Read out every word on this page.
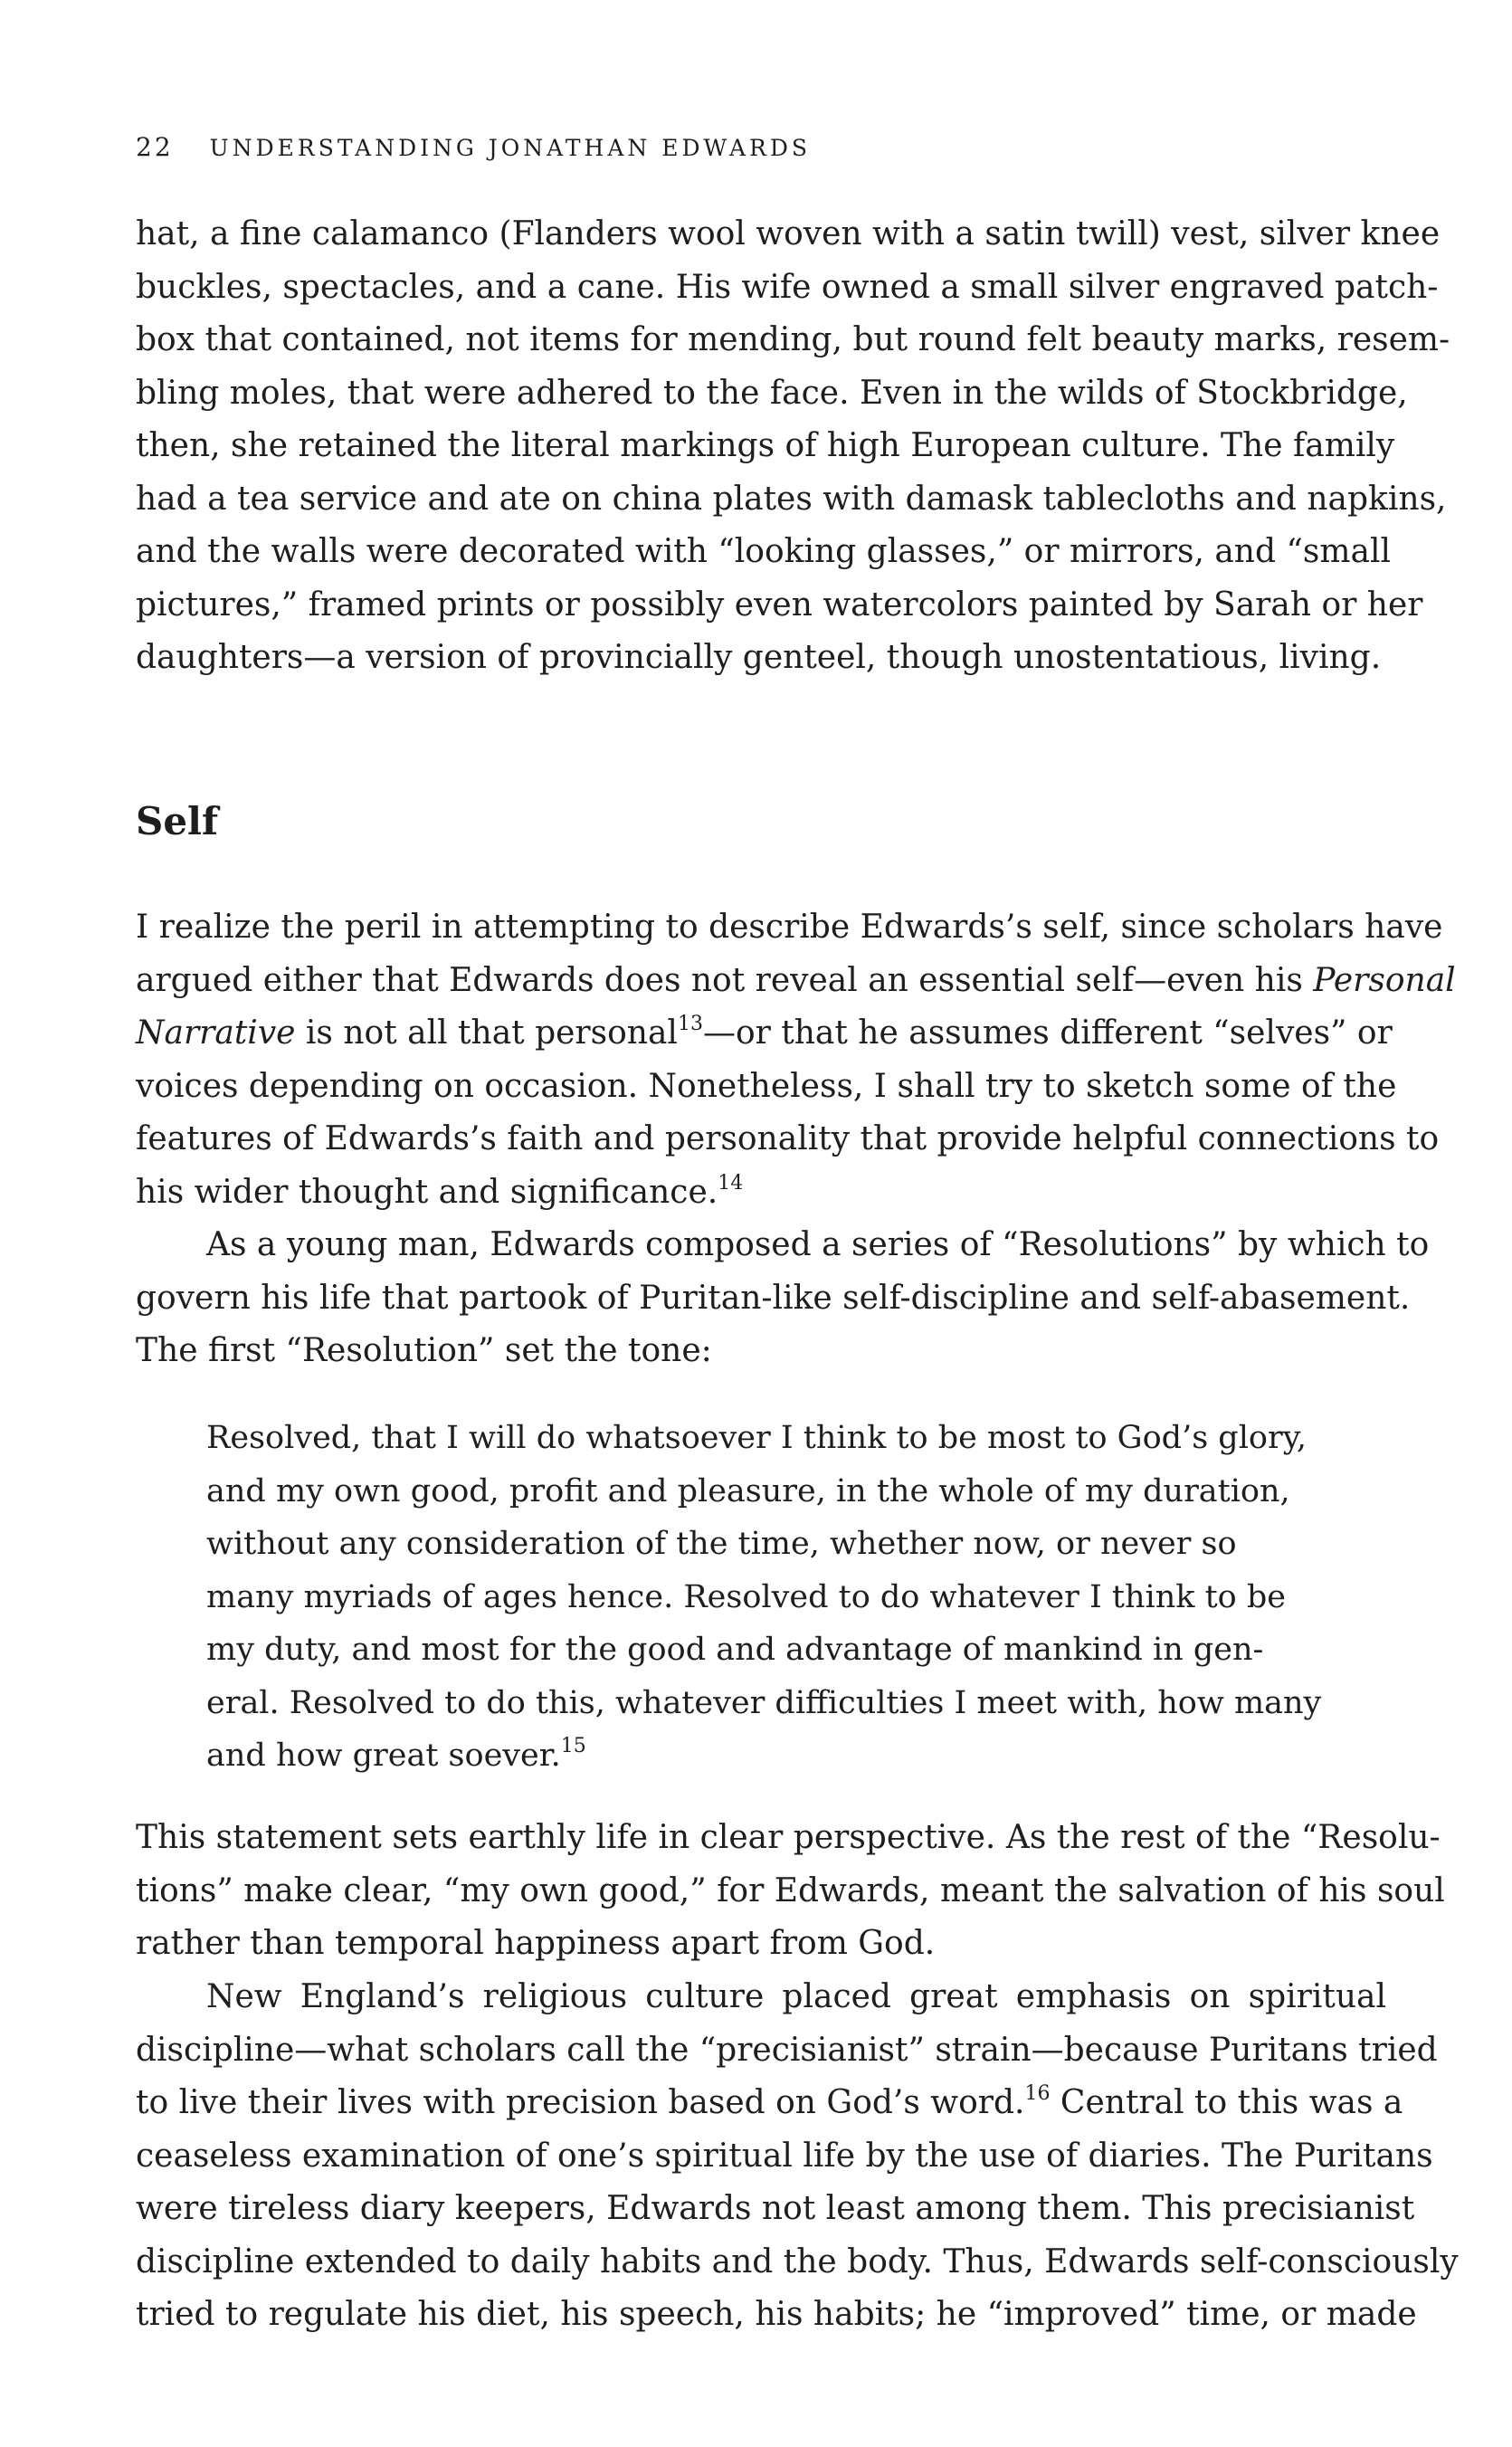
22 UNDERSTANDING JONATHAN EDWARDS
hat, a fine calamanco (Flanders wool woven with a satin twill) vest, silver knee
buckles, spectacles, and a cane. His wife owned a small silver engraved patch-
box that contained, not items for mending, but round felt beauty marks, resem-
bling moles, that were adhered to the face. Even in the wilds of Stockbridge,
then, she retained the literal markings of high European culture. The family
had a tea service and ate on china plates with damask tablecloths and napkins,
and the walls were decorated with “looking glasses,” or mirrors, and “small
pictures,” framed prints or possibly even watercolors painted by Sarah or her
daughters—a version of provincially genteel, though unostentatious, living.
Self
I realize the peril in attempting to describe Edwards’s self, since scholars have
argued either that Edwards does not reveal an essential self—even his Personal
Narrative is not all that personal$^{13}$—or that he assumes different “selves” or
voices depending on occasion. Nonetheless, I shall try to sketch some of the
features of Edwards’s faith and personality that provide helpful connections to
his wider thought and significance.$^{14}$
As a young man, Edwards composed a series of “Resolutions” by which to
govern his life that partook of Puritan-like self-discipline and self-abasement.
The first “Resolution” set the tone:
Resolved, that I will do whatsoever I think to be most to God’s glory,
and my own good, profit and pleasure, in the whole of my duration,
without any consideration of the time, whether now, or never so
many myriads of ages hence. Resolved to do whatever I think to be
my duty, and most for the good and advantage of mankind in gen-
eral. Resolved to do this, whatever difficulties I meet with, how many
and how great soever.$^{15}$
This statement sets earthly life in clear perspective. As the rest of the “Resolu-
tions” make clear, “my own good,” for Edwards, meant the salvation of his soul
rather than temporal happiness apart from God.
New England’s religious culture placed great emphasis on spiritual
discipline—what scholars call the “precisianist” strain—because Puritans tried
to live their lives with precision based on God’s word.$^{16}$ Central to this was a
ceaseless examination of one’s spiritual life by the use of diaries. The Puritans
were tireless diary keepers, Edwards not least among them. This precisianist
discipline extended to daily habits and the body. Thus, Edwards self-consciously
tried to regulate his diet, his speech, his habits; he “improved” time, or made
